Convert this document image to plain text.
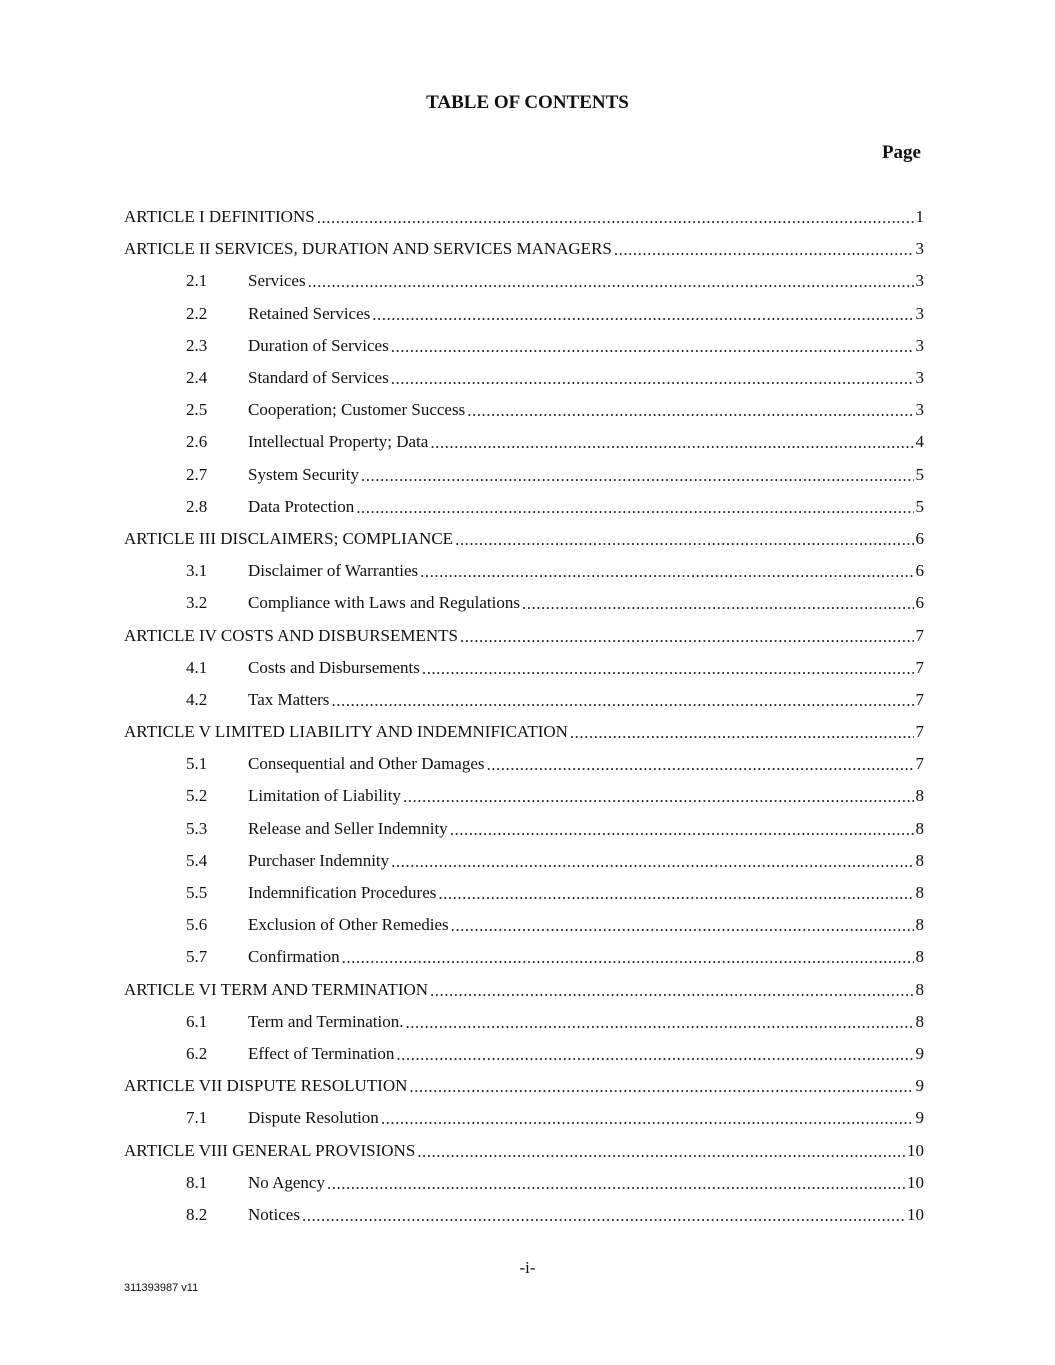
TABLE OF CONTENTS
Page
ARTICLE I DEFINITIONS .....	1
ARTICLE II SERVICES, DURATION AND SERVICES MANAGERS .....	3
2.1	Services .....	3
2.2	Retained Services .....	3
2.3	Duration of Services .....	3
2.4	Standard of Services .....	3
2.5	Cooperation; Customer Success .....	3
2.6	Intellectual Property; Data .....	4
2.7	System Security .....	5
2.8	Data Protection .....	5
ARTICLE III DISCLAIMERS; COMPLIANCE .....	6
3.1	Disclaimer of Warranties .....	6
3.2	Compliance with Laws and Regulations .....	6
ARTICLE IV COSTS AND DISBURSEMENTS .....	7
4.1	Costs and Disbursements .....	7
4.2	Tax Matters .....	7
ARTICLE V LIMITED LIABILITY AND INDEMNIFICATION .....	7
5.1	Consequential and Other Damages .....	7
5.2	Limitation of Liability .....	8
5.3	Release and Seller Indemnity .....	8
5.4	Purchaser Indemnity .....	8
5.5	Indemnification Procedures .....	8
5.6	Exclusion of Other Remedies .....	8
5.7	Confirmation .....	8
ARTICLE VI TERM AND TERMINATION .....	8
6.1	Term and Termination. .....	8
6.2	Effect of Termination .....	9
ARTICLE VII DISPUTE RESOLUTION .....	9
7.1	Dispute Resolution .....	9
ARTICLE VIII GENERAL PROVISIONS .....	10
8.1	No Agency .....	10
8.2	Notices .....	10
-i-
311393987 v11
